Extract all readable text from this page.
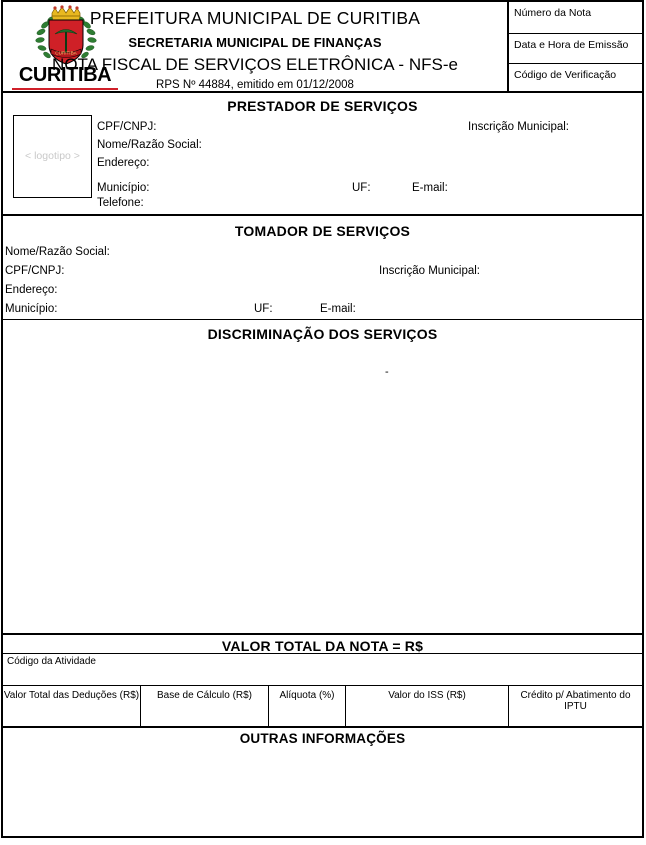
CURITIBA
CURITIBA
PREFEITURA MUNICIPAL DE CURITIBA
SECRETARIA MUNICIPAL DE FINANÇAS
NOTA FISCAL DE SERVIÇOS ELETRÔNICA - NFS-e
RPS Nº 44884, emitido em 01/12/2008
Número da Nota
Data e Hora de Emissão
Código de Verificação
PRESTADOR DE SERVIÇOS
< logotipo >
CPF/CNPJ:	Inscrição Municipal:
Nome/Razão Social:
Endereço:
Município:	UF:	E-mail:
Telefone:
TOMADOR DE SERVIÇOS
Nome/Razão Social:
CPF/CNPJ:	Inscrição Municipal:
Endereço:
Município:	UF:	E-mail:
DISCRIMINAÇÃO DOS SERVIÇOS
-
VALOR TOTAL DA NOTA = R$
Código da Atividade
Valor Total das Deduções (R$)	Base de Cálculo (R$)	Alíquota (%)	Valor do ISS (R$)	Crédito p/ Abatimento do IPTU
OUTRAS INFORMAÇÕES
